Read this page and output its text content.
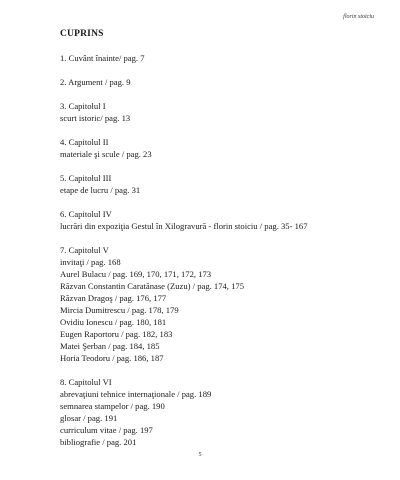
florin stoiciu
CUPRINS
1. Cuvânt înainte/ pag. 7
2. Argument / pag. 9
3. Capitolul I
scurt istoric/ pag. 13
4. Capitolul II
materiale şi scule / pag. 23
5. Capitolul III
etape de lucru / pag. 31
6. Capitolul IV
lucrări din expoziţia Gestul în Xilogravură - florin stoiciu / pag. 35- 167
7. Capitolul V
invitaţi / pag. 168
Aurel Bulacu / pag. 169, 170, 171, 172, 173
Răzvan Constantin Caratănase (Zuzu) / pag. 174, 175
Răzvan Dragoş / pag. 176, 177
Mircia Dumitrescu / pag. 178, 179
Ovidiu Ionescu / pag. 180, 181
Eugen Raportoru / pag. 182, 183
Matei Şerban / pag. 184, 185
Horia Teodoru / pag. 186, 187
8. Capitolul VI
abrevaţiuni tehnice internaţionale / pag. 189
semnarea stampelor / pag. 190
glosar / pag. 191
curriculum vitae / pag. 197
bibliografie / pag. 201
5
